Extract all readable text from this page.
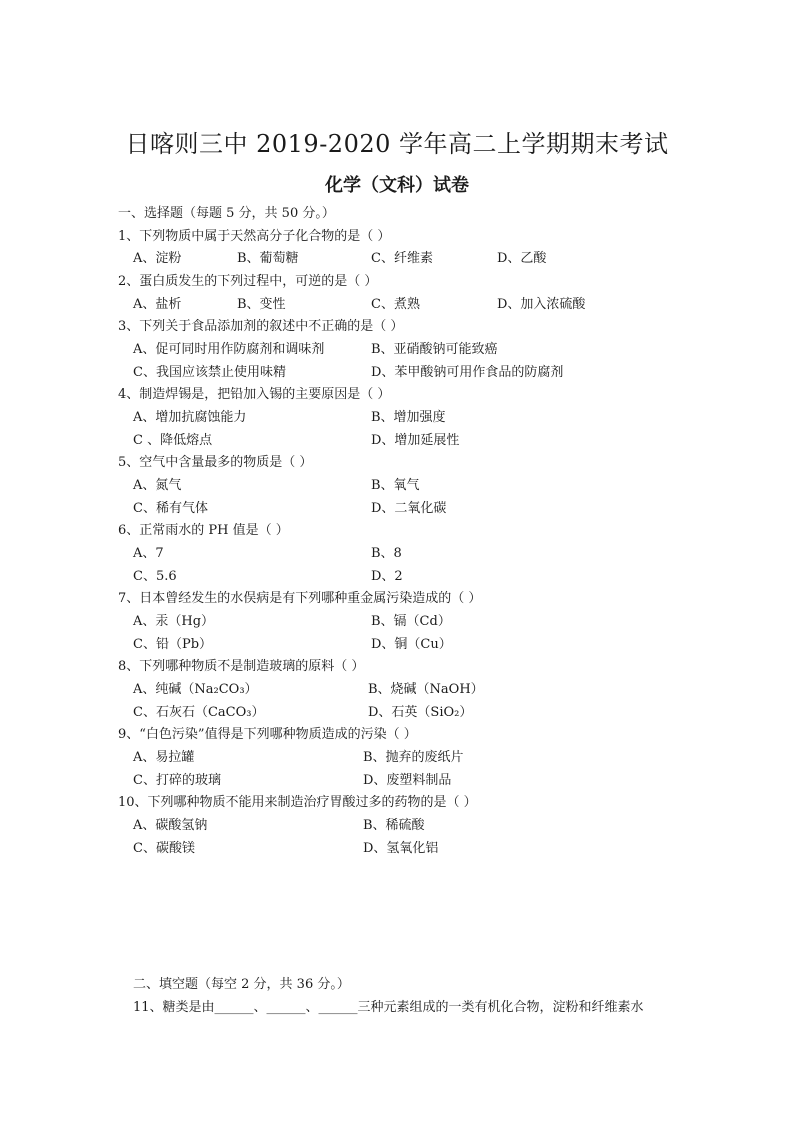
日喀则三中 2019-2020 学年高二上学期期末考试
化学（文科）试卷
一、选择题（每题 5 分，共 50 分。）
1、下列物质中属于天然高分子化合物的是（ ）
A、淀粉	B、葡萄糖	C、纤维素	D、乙酸
2、蛋白质发生的下列过程中，可逆的是（ ）
A、盐析	B、变性	C、煮熟	D、加入浓硫酸
3、下列关于食品添加剂的叙述中不正确的是（ ）
A、促可同时用作防腐剂和调味剂	B、亚硝酸钠可能致癌
C、我国应该禁止使用味精	D、苯甲酸钠可用作食品的防腐剂
4、制造焊锡是，把铅加入锡的主要原因是（ ）
A、增加抗腐蚀能力	B、增加强度
C 、降低熔点	D、增加延展性
5、空气中含量最多的物质是（ ）
A、氮气	B、氧气
C、稀有气体	D、二氧化碳
6、正常雨水的 PH 值是（ ）
A、7	B、8
C、5.6	D、2
7、日本曾经发生的水俣病是有下列哪种重金属污染造成的（ ）
A、汞（Hg）	B、镉（Cd）
C、铅（Pb）	D、铜（Cu）
8、下列哪种物质不是制造玻璃的原料（ ）
A、纯碱（Na₂CO₃）	B、烧碱（NaOH）
C、石灰石（CaCO₃）	D、石英（SiO₂）
9、“白色污染”值得是下列哪种物质造成的污染（ ）
A、易拉罐	B、抛弃的废纸片
C、打碎的玻璃	D、废塑料制品
10、下列哪种物质不能用来制造治疗胃酸过多的药物的是（ ）
A、碳酸氢钠	B、稀硫酸
C、碳酸镁	D、氢氧化铝
二、填空题（每空 2 分，共 36 分。）
11、糖类是由______、______、______三种元素组成的一类有机化合物，淀粉和纤维素水
